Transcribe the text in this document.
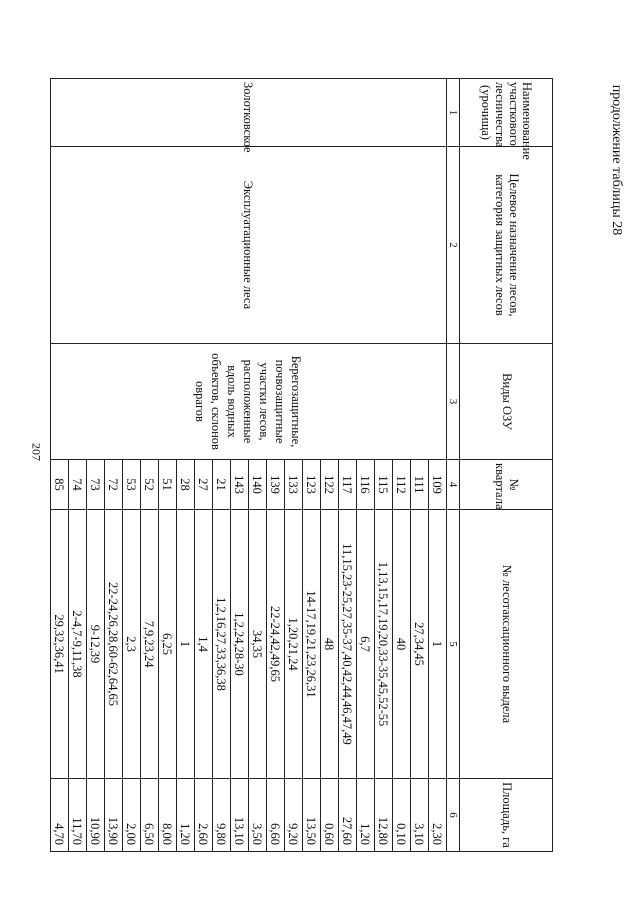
207
продолжение таблицы 28
Наименование участкового лесничества (урочища)	Целевое назначение лесов, категория защитных лесов	Виды ОЗУ	№ квартала	№ лесотаксационного выдела	Площадь, га
1	2	3	4	5	6
Золотковское	Эксплуатационные леса	Берегозащитные, почвозащитные участки лесов, расположенные вдоль водных объектов, склонов оврагов	109	1	2,30
			111	27,34,45	3,10
			112	40	0,10
			115	1,13,15,17,19,20,33-35,45,52-55	12,80
			116	6,7	1,20
			117	11,15,23-25,27,35-37,40,42,44,46,47,49	27,60
			122	48	0,60
			123	14-17,19,21,23,26,31	13,50
			133	1,20,21,24	9,20
			139	22-24,42,49,65	6,60
			140	34,35	3,50
			143	1,2,24,28-30	13,10
			21	1,2,16,27,33,36,38	9,80
			27	1,4	2,60
			28	1	1,20
			51	6,25	8,00
			52	7,9,23,24	6,50
			53	2,3	2,00
			72	22-24,26,28,60-62,64,65	13,90
			73	9-12,39	10,90
			74	2-4,7-9,11,38	11,70
			85	29,32,36,41	4,70
